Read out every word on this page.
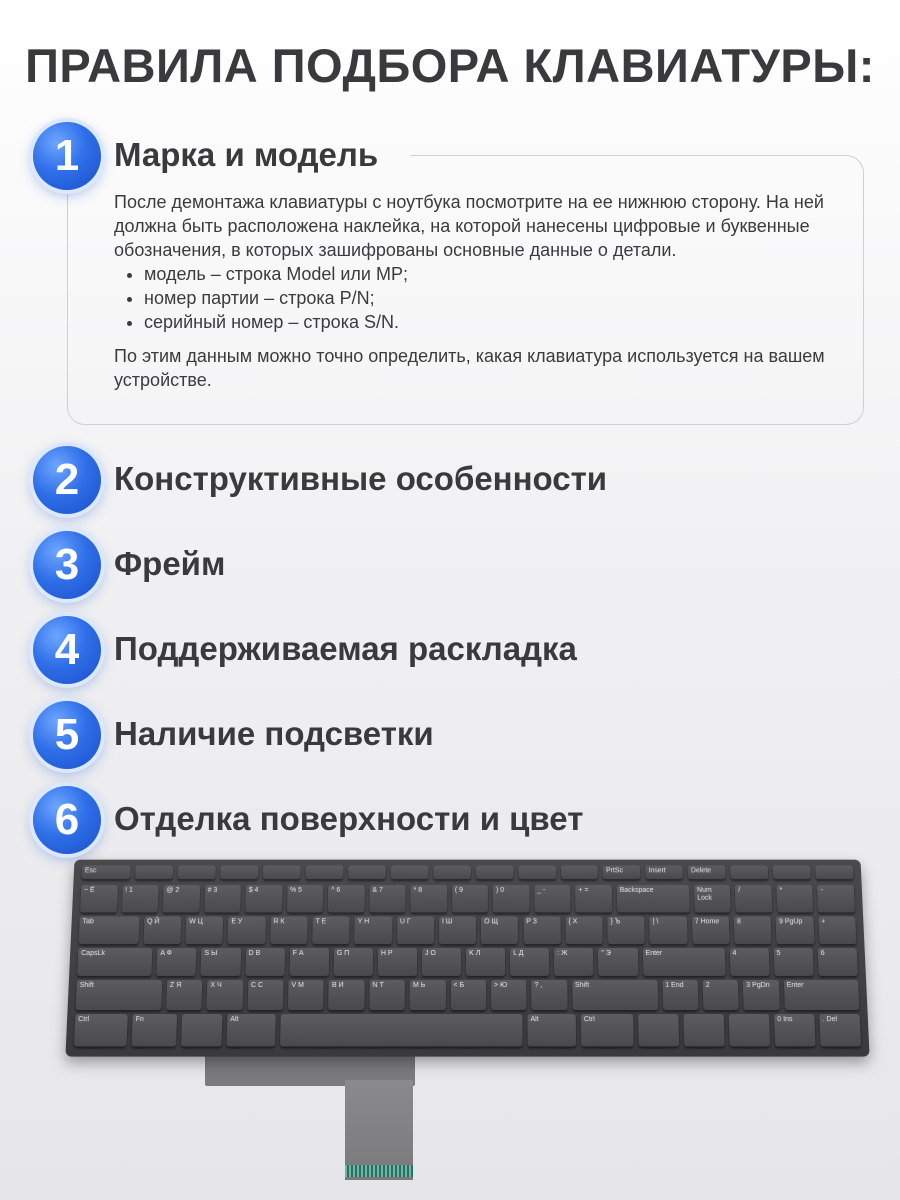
ПРАВИЛА ПОДБОРА КЛАВИАТУРЫ:
1	Марка и модель

После демонтажа клавиатуры с ноутбука посмотрите на ее нижнюю сторону. На ней должна быть расположена наклейка, на которой нанесены цифровые и буквенные обозначения, в которых зашифрованы основные данные о детали.

• модель – строка Model или MP;
• номер партии – строка P/N;
• серийный номер – строка S/N.

По этим данным можно точно определить, какая клавиатура используется на вашем устройстве.

2	Конструктивные особенности
3	Фрейм
4	Поддерживаемая раскладка
5	Наличие подсветки
6	Отделка поверхности и цвет
Esc	PrtSc	Insert	Delete
~ Ё	! 1	@ 2	# 3	$ 4	% 5	^ 6	& 7	* 8	( 9	) 0	_ -	+ =	Backspace	Num Lock
/	*	-
Tab	Q Й	W Ц	E У	R К	T Е	Y Н	U Г	I Ш	O Щ	P З	{ Х	} Ъ	| \	7 Home	8	9 PgUp	+
CapsLk	A Ф	S Ы	D В	F А	G П	H Р	J О	K Л	L Д	: Ж	" Э	Enter	4	5	6
Shift	Z Я	X Ч	C С	V М	B И	N Т	M Ь	< Б	> Ю	? ,	Shift	1 End	2	3 PgDn	Enter
Ctrl	Fn	Alt	Alt	Ctrl	0 Ins	. Del
